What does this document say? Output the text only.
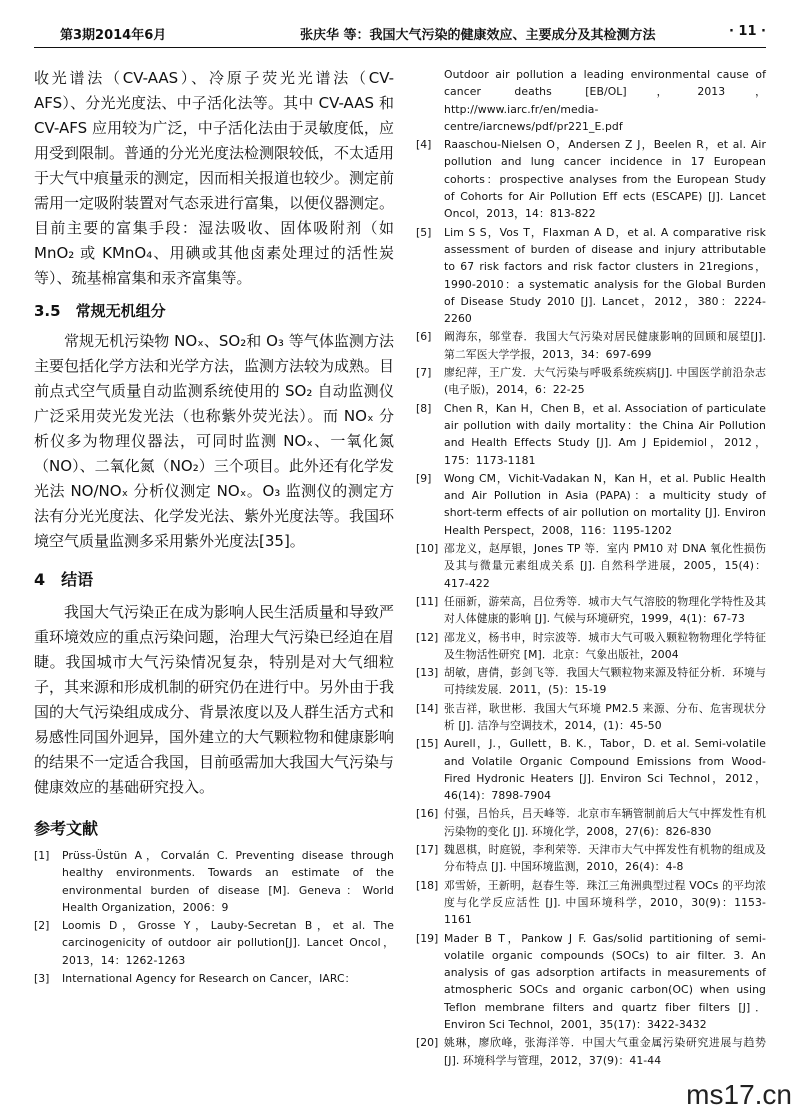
第3期2014年6月	张庆华 等：我国大气污染的健康效应、主要成分及其检测方法	· 11 ·

收光谱法（CV-AAS）、冷原子荧光光谱法（CV-AFS）、分光光度法、中子活化法等。其中 CV-AAS 和 CV-AFS 应用较为广泛，中子活化法由于灵敏度低，应用受到限制。普通的分光光度法检测限较低，不太适用于大气中痕量汞的测定，因而相关报道也较少。测定前需用一定吸附装置对气态汞进行富集，以便仪器测定。目前主要的富集手段：湿法吸收、固体吸附剂（如 MnO₂ 或 KMnO₄、用碘或其他卤素处理过的活性炭等）、巯基棉富集和汞齐富集等。

3.5　常规无机组分

常规无机污染物 NOₓ、SO₂和 O₃ 等气体监测方法主要包括化学方法和光学方法，监测方法较为成熟。目前点式空气质量自动监测系统使用的 SO₂ 自动监测仪广泛采用荧光发光法（也称紫外荧光法）。而 NOₓ 分析仪多为物理仪器法，可同时监测 NOₓ、一氧化氮（NO）、二氧化氮（NO₂）三个项目。此外还有化学发光法 NO/NOₓ 分析仪测定 NOₓ。O₃ 监测仪的测定方法有分光光度法、化学发光法、紫外光度法等。我国环境空气质量监测多采用紫外光度法[35]。

4　结语

我国大气污染正在成为影响人民生活质量和导致严重环境效应的重点污染问题，治理大气污染已经迫在眉睫。我国城市大气污染情况复杂，特别是对大气细粒子，其来源和形成机制的研究仍在进行中。另外由于我国的大气污染组成成分、背景浓度以及人群生活方式和易感性同国外迥异，国外建立的大气颗粒物和健康影响的结果不一定适合我国，目前亟需加大我国大气污染与健康效应的基础研究投入。

参考文献
[1]	Prüss-Üstün A，Corvalán C. Preventing disease through healthy environments. Towards an estimate of the environmental burden of disease [M]. Geneva：World Health Organization，2006：9
[2]	Loomis D，Grosse Y，Lauby-Secretan B，et al. The carcinogenicity of outdoor air pollution[J]. Lancet Oncol，2013，14：1262-1263
[3]	International Agency for Research on Cancer，IARC：
Outdoor air pollution a leading environmental cause of cancer deaths [EB/OL]，2013，http://www.iarc.fr/en/media-centre/iarcnews/pdf/pr221_E.pdf
[4]	Raaschou-Nielsen O，Andersen Z J，Beelen R，et al. Air pollution and lung cancer incidence in 17 European cohorts：prospective analyses from the European Study of Cohorts for Air Pollution Eff ects (ESCAPE) [J]. Lancet Oncol，2013，14：813-822
[5]	Lim S S，Vos T，Flaxman A D，et al. A comparative risk assessment of burden of disease and injury attributable to 67 risk factors and risk factor clusters in 21regions，1990-2010：a systematic analysis for the Global Burden of Disease Study 2010 [J]. Lancet，2012，380：2224-2260
[6]	阚海东，邬堂春．我国大气污染对居民健康影响的回顾和展望[J]. 第二军医大学学报，2013，34：697-699
[7]	廖纪萍，王广发．大气污染与呼吸系统疾病[J]. 中国医学前沿杂志(电子版)，2014，6：22-25
[8]	Chen R，Kan H，Chen B，et al. Association of particulate air pollution with daily mortality：the China Air Pollution and Health Effects Study [J]. Am J Epidemiol，2012，175：1173-1181
[9]	Wong CM，Vichit-Vadakan N，Kan H，et al. Public Health and Air Pollution in Asia (PAPA)：a multicity study of short-term effects of air pollution on mortality [J]. Environ Health Perspect，2008，116：1195-1202
[10] 邵龙义，赵厚银，Jones TP 等．室内 PM10 对 DNA 氧化性损伤及其与微量元素组成关系 [J]. 自然科学进展，2005，15(4)：417-422
[11] 任丽新，游荣高，吕位秀等．城市大气气溶胶的物理化学特性及其对人体健康的影响 [J]. 气候与环境研究，1999，4(1)：67-73
[12] 邵龙义，杨书申，时宗波等．城市大气可吸入颗粒物物理化学特征及生物活性研究 [M]．北京：气象出版社，2004
[13] 胡敏，唐倩，彭剑飞等．我国大气颗粒物来源及特征分析．环境与可持续发展．2011，(5)：15-19
[14] 张吉祥，耿世彬．我国大气环境 PM2.5 来源、分布、危害现状分析 [J]. 洁净与空调技术，2014，(1)：45-50
[15] Aurell，J.，Gullett，B. K.，Tabor，D. et al. Semi-volatile and Volatile Organic Compound Emissions from Wood-Fired Hydronic Heaters [J]. Environ Sci Technol，2012，46(14)：7898-7904
[16] 付强，吕怡兵，吕天峰等．北京市车辆管制前后大气中挥发性有机污染物的变化 [J]. 环境化学，2008，27(6)：826-830
[17] 魏恩棋，时庭锐，李利荣等．天津市大气中挥发性有机物的组成及分布特点 [J]. 中国环境监测，2010，26(4)：4-8
[18] 邓雪娇，王新明，赵春生等．珠江三角洲典型过程 VOCs 的平均浓度与化学反应活性 [J]. 中国环境科学，2010，30(9)：1153-1161
[19] Mader B T，Pankow J F. Gas/solid partitioning of semi-volatile organic compounds (SOCs) to air filter. 3. An analysis of gas adsorption artifacts in measurements of atmospheric SOCs and organic carbon(OC) when using Teflon membrane filters and quartz fiber filters [J]．Environ Sci Technol，2001，35(17)：3422-3432
[20] 姚琳，廖欣峰，张海洋等．中国大气重金属污染研究进展与趋势 [J]. 环境科学与管理，2012，37(9)：41-44
ms17.cn
